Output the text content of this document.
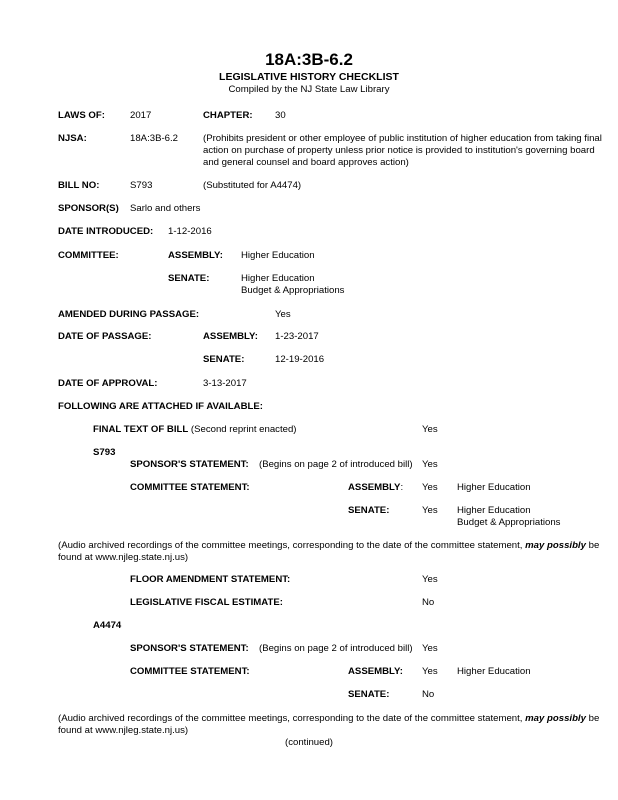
18A:3B-6.2
LEGISLATIVE HISTORY CHECKLIST
Compiled by the NJ State Law Library
LAWS OF:	2017	CHAPTER: 30
NJSA:	18A:3B-6.2	(Prohibits president or other employee of public institution of higher education from taking final action on purchase of property unless prior notice is provided to institution's governing board and general counsel and board approves action)
BILL NO:	S793	(Substituted for A4474)
SPONSOR(S) Sarlo and others
DATE INTRODUCED: 1-12-2016
COMMITTEE:	ASSEMBLY: Higher Education
SENATE:	Higher Education
Budget & Appropriations
AMENDED DURING PASSAGE:	Yes
DATE OF PASSAGE:	ASSEMBLY: 1-23-2017
SENATE:	12-19-2016
DATE OF APPROVAL:	3-13-2017
FOLLOWING ARE ATTACHED IF AVAILABLE:
FINAL TEXT OF BILL (Second reprint enacted)	Yes
S793
SPONSOR'S STATEMENT: (Begins on page 2 of introduced bill) Yes
COMMITTEE STATEMENT:	ASSEMBLY: Yes Higher Education
SENATE:	Yes Higher Education
Budget & Appropriations
(Audio archived recordings of the committee meetings, corresponding to the date of the committee statement, may possibly be found at www.njleg.state.nj.us)
FLOOR AMENDMENT STATEMENT:	Yes
LEGISLATIVE FISCAL ESTIMATE:	No
A4474
SPONSOR'S STATEMENT: (Begins on page 2 of introduced bill) Yes
COMMITTEE STATEMENT:	ASSEMBLY: Yes Higher Education
SENATE:	No
(Audio archived recordings of the committee meetings, corresponding to the date of the committee statement, may possibly be found at www.njleg.state.nj.us)
(continued)
